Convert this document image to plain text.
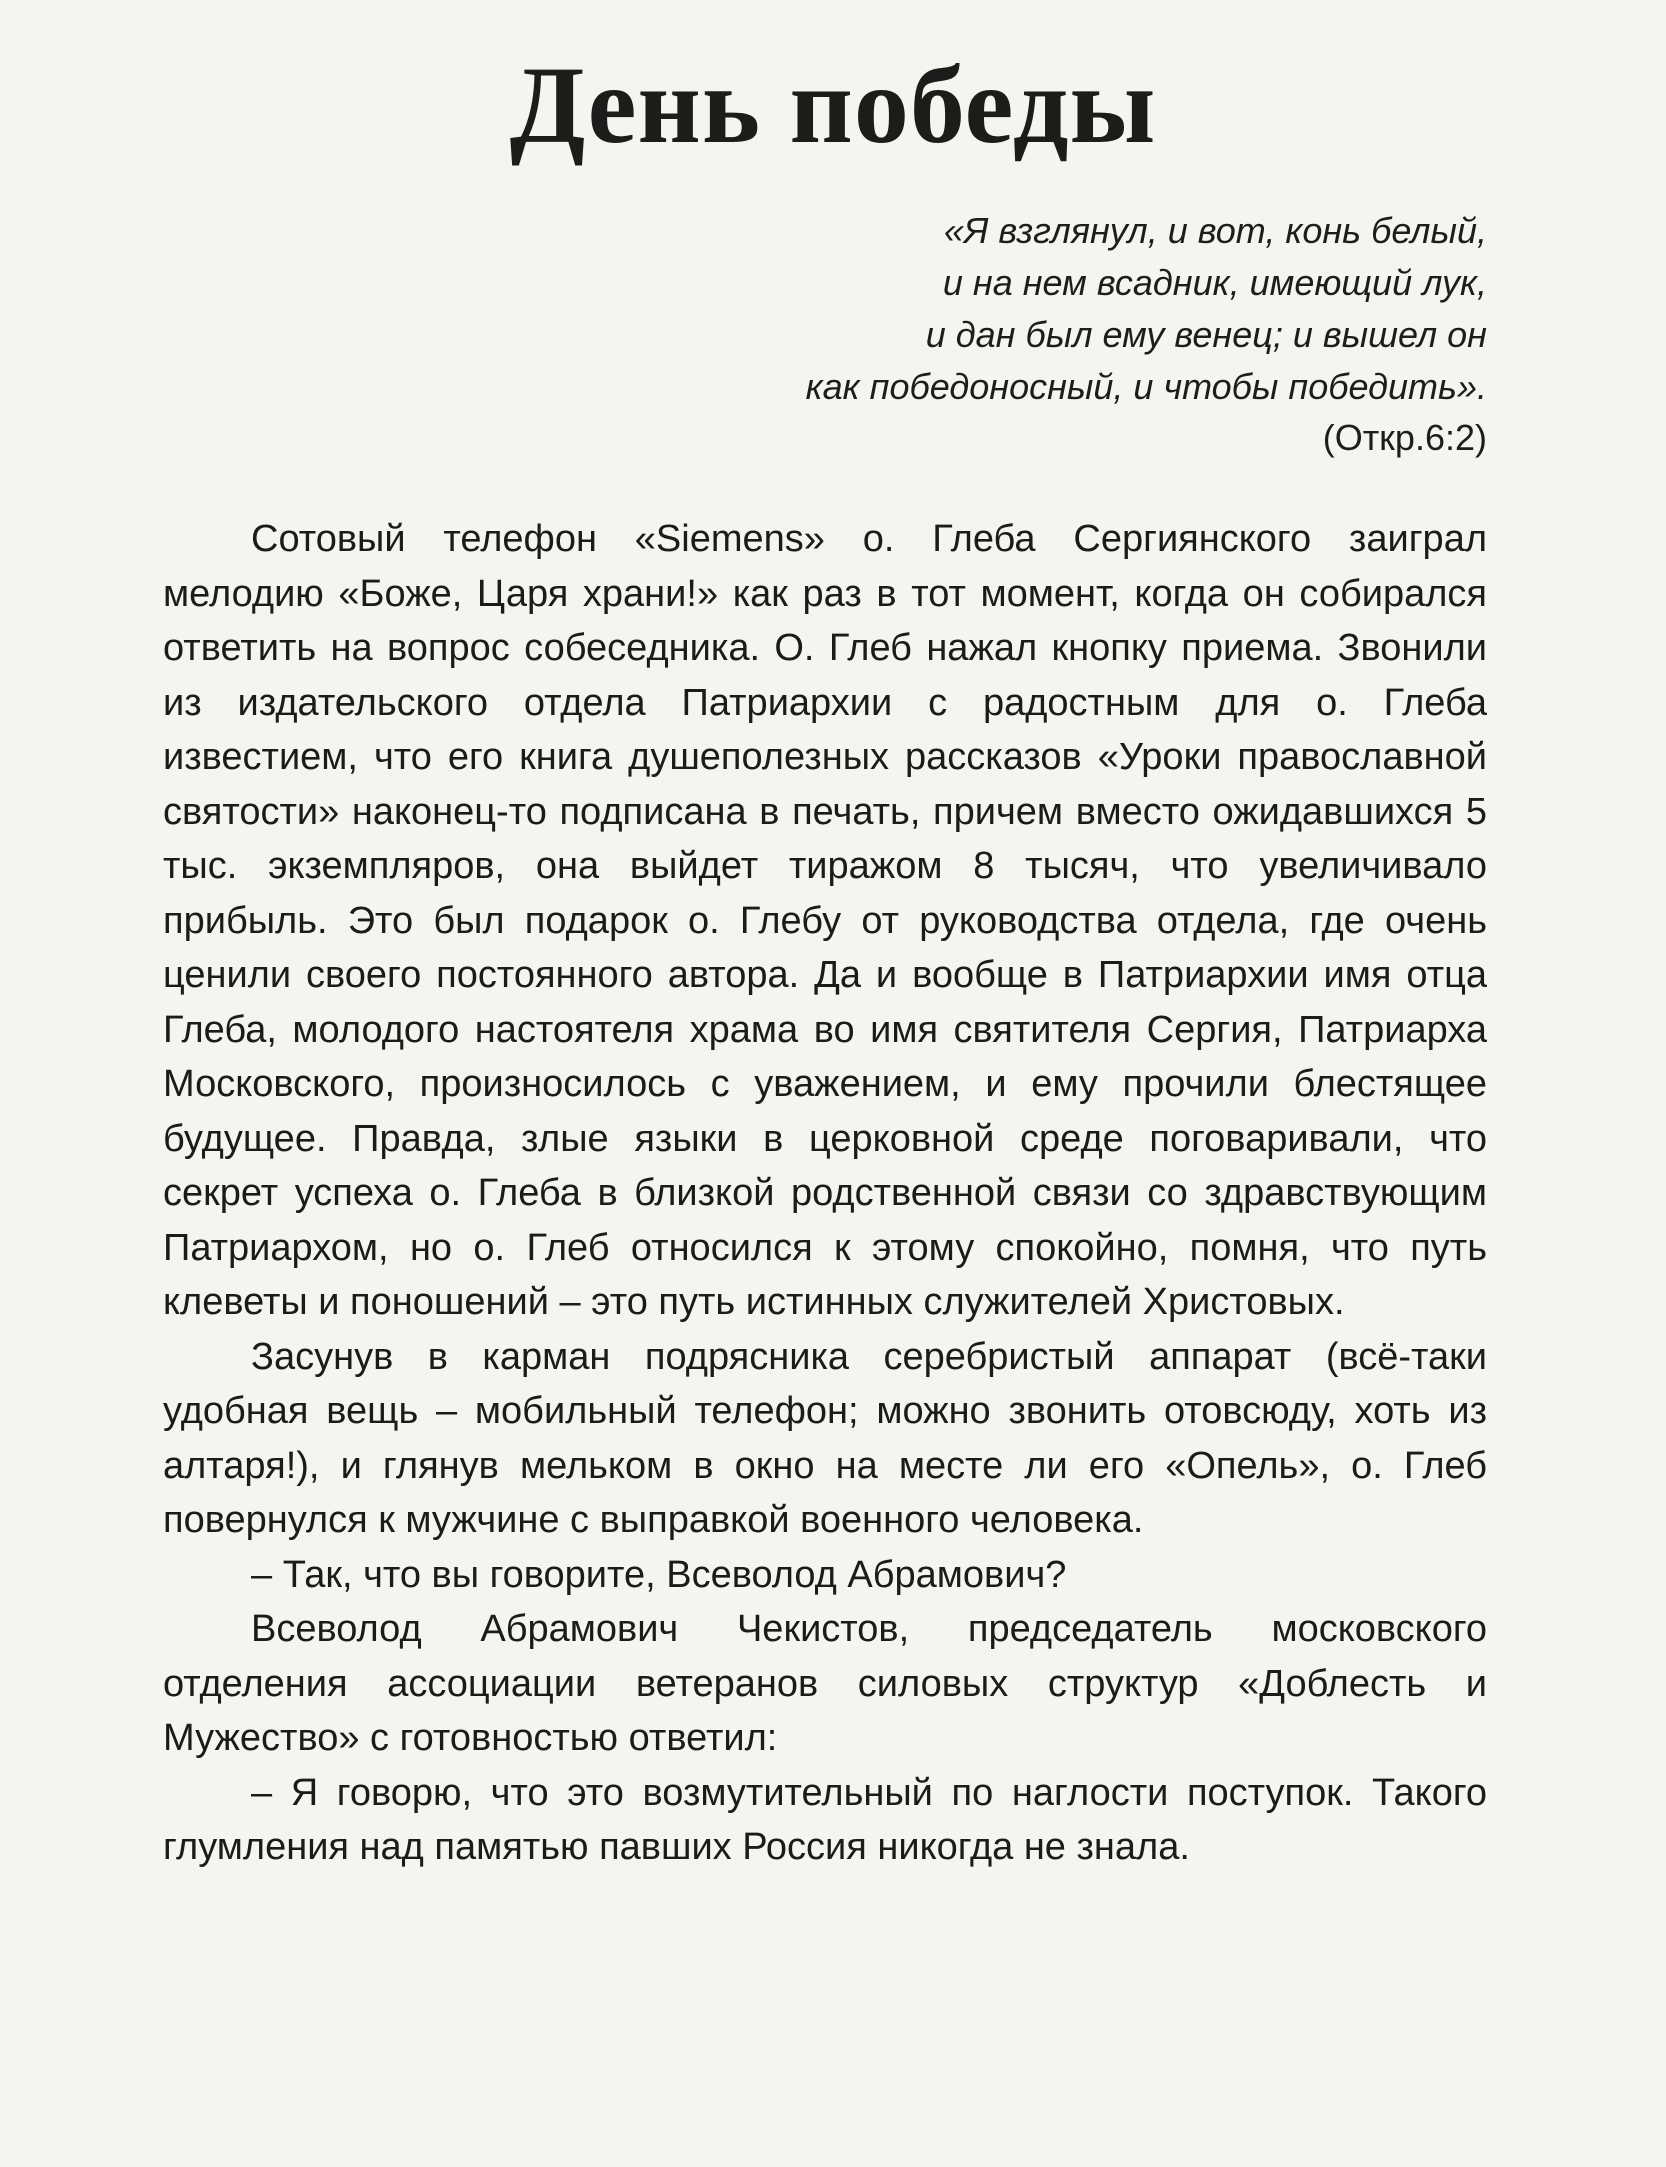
День победы
«Я взглянул, и вот, конь белый,
и на нем всадник, имеющий лук,
и дан был ему венец; и вышел он
как победоносный, и чтобы победить».
(Откр.6:2)

Сотовый телефон «Siemens» о. Глеба Сергиянского заиграл мелодию «Боже, Царя храни!» как раз в тот момент, когда он собирался ответить на вопрос собеседника. О. Глеб нажал кнопку приема. Звонили из издательского отдела Патриархии с радостным для о. Глеба известием, что его книга душеполезных рассказов «Уроки православной святости» наконец-то подписана в печать, причем вместо ожидавшихся 5 тыс. экземпляров, она выйдет тиражом 8 тысяч, что увеличивало прибыль. Это был подарок о. Глебу от руководства отдела, где очень ценили своего постоянного автора. Да и вообще в Патриархии имя отца Глеба, молодого настоятеля храма во имя святителя Сергия, Патриарха Московского, произносилось с уважением, и ему прочили блестящее будущее. Правда, злые языки в церковной среде поговаривали, что секрет успеха о. Глеба в близкой родственной связи со здравствующим Патриархом, но о. Глеб относился к этому спокойно, помня, что путь клеветы и поношений – это путь истинных служителей Христовых.

Засунув в карман подрясника серебристый аппарат (всё-таки удобная вещь – мобильный телефон; можно звонить отовсюду, хоть из алтаря!), и глянув мельком в окно на месте ли его «Опель», о. Глеб повернулся к мужчине с выправкой военного человека.

– Так, что вы говорите, Всеволод Абрамович?

Всеволод Абрамович Чекистов, председатель московского отделения ассоциации ветеранов силовых структур «Доблесть и Мужество» с готовностью ответил:

– Я говорю, что это возмутительный по наглости поступок. Такого глумления над памятью павших Россия никогда не знала.
